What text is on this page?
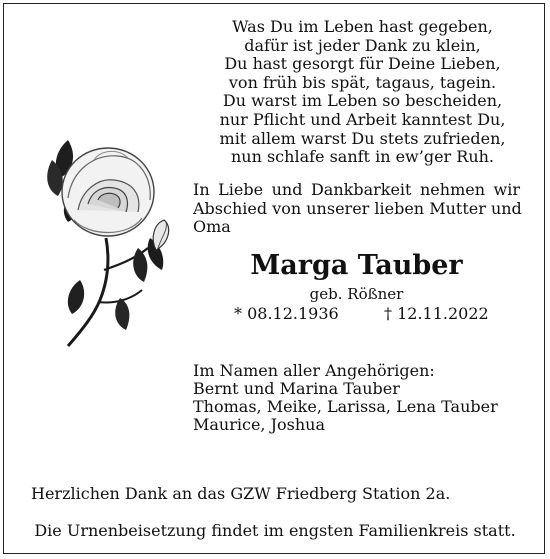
Was Du im Leben hast gegeben,
dafür ist jeder Dank zu klein,
Du hast gesorgt für Deine Lieben,
von früh bis spät, tagaus, tagein.
Du warst im Leben so bescheiden,
nur Pflicht und Arbeit kanntest Du,
mit allem warst Du stets zufrieden,
nun schlafe sanft in ew’ger Ruh.
In Liebe und Dankbarkeit nehmen wir
Abschied von unserer lieben Mutter und
Oma
Marga Tauber
geb. Rößner
* 08.12.1936	† 12.11.2022
Im Namen aller Angehörigen:
Bernt und Marina Tauber
Thomas, Meike, Larissa, Lena Tauber
Maurice, Joshua
Herzlichen Dank an das GZW Friedberg Station 2a.
Die Urnenbeisetzung findet im engsten Familienkreis statt.
